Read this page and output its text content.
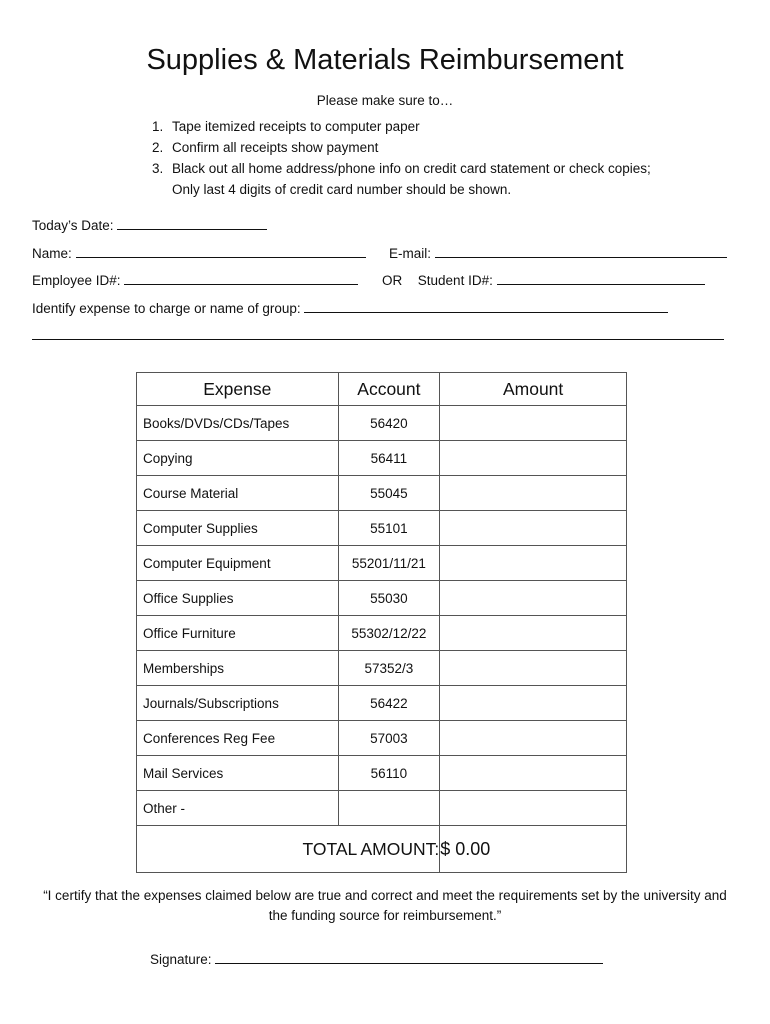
Supplies & Materials Reimbursement
Please make sure to…
1. Tape itemized receipts to computer paper
2. Confirm all receipts show payment
3. Black out all home address/phone info on credit card statement or check copies; Only last 4 digits of credit card number should be shown.
Today’s Date:
Name:	E-mail:
Employee ID#:	OR Student ID#:
Identify expense to charge or name of group:
Expense	Account	Amount
Books/DVDs/CDs/Tapes	56420	
Copying	56411	
Course Material	55045	
Computer Supplies	55101	
Computer Equipment	55201/11/21	
Office Supplies	55030	
Office Furniture	55302/12/22	
Memberships	57352/3	
Journals/Subscriptions	56422	
Conferences Reg Fee	57003	
Mail Services	56110	
Other -		
TOTAL AMOUNT:		$ 0.00
“I certify that the expenses claimed below are true and correct and meet the requirements set by the university and the funding source for reimbursement.”
Signature:
